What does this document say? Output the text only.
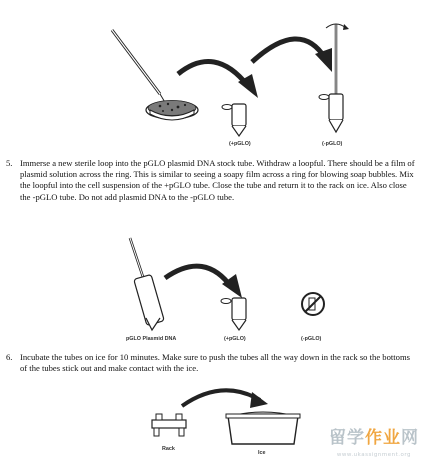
(+pGLO)	(-pGLO)
5. Immerse a new sterile loop into the pGLO plasmid DNA stock tube. Withdraw a loopful. There should be a film of plasmid solution across the ring. This is similar to seeing a soapy film across a ring for blowing soap bubbles. Mix the loopful into the cell suspension of the +pGLO tube. Close the tube and return it to the rack on ice. Also close the -pGLO tube. Do not add plasmid DNA to the -pGLO tube.
pGLO Plasmid DNA	(+pGLO)	(-pGLO)
6. Incubate the tubes on ice for 10 minutes. Make sure to push the tubes all the way down in the rack so the bottoms of the tubes stick out and make contact with the ice.
Rack
Ice
留学作业网
www.ukassignment.org
